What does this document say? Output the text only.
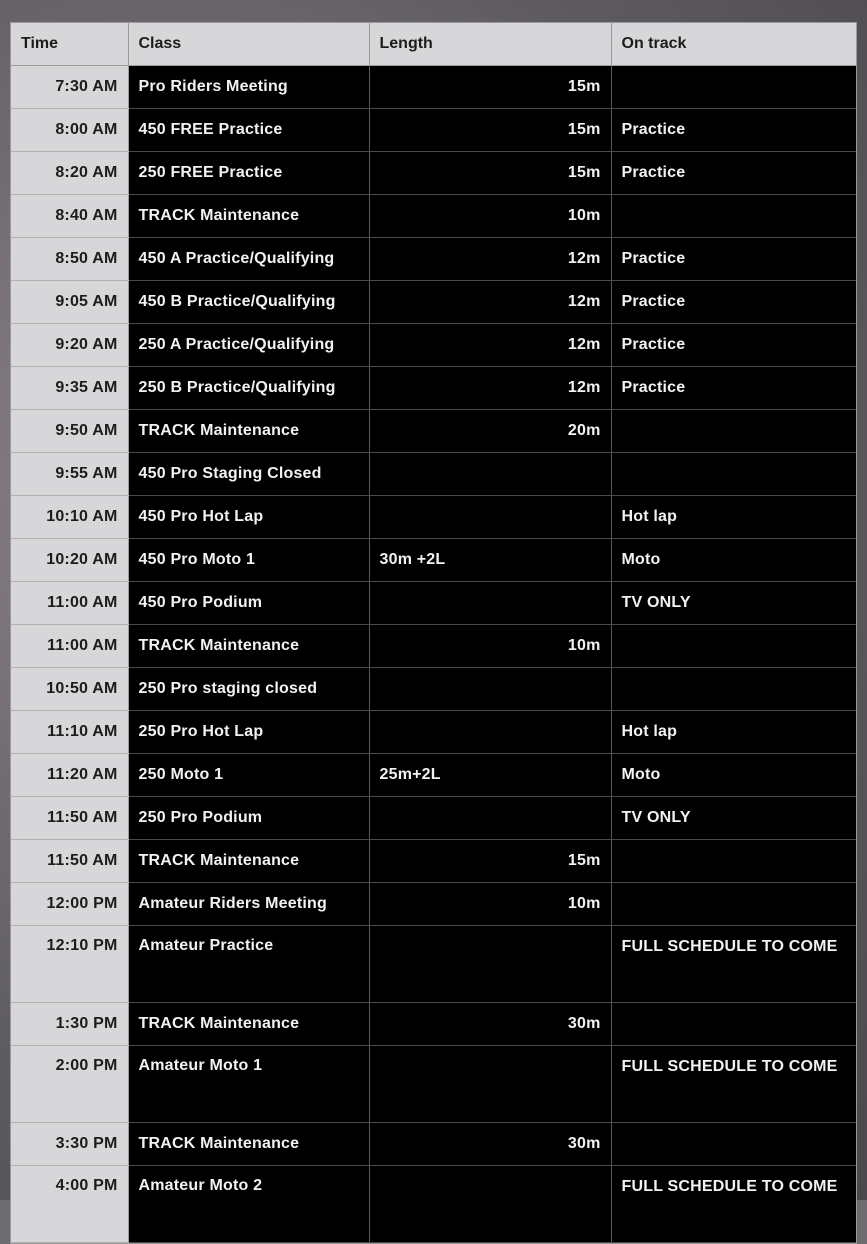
Time	Class	Length	On track
7:30 AM	Pro Riders Meeting	15m	
8:00 AM	450 FREE Practice	15m	Practice
8:20 AM	250 FREE Practice	15m	Practice
8:40 AM	TRACK Maintenance	10m	
8:50 AM	450 A Practice/Qualifying	12m	Practice
9:05 AM	450 B Practice/Qualifying	12m	Practice
9:20 AM	250 A Practice/Qualifying	12m	Practice
9:35 AM	250 B Practice/Qualifying	12m	Practice
9:50 AM	TRACK Maintenance	20m	
9:55 AM	450 Pro Staging Closed		
10:10 AM	450 Pro Hot Lap		Hot lap
10:20 AM	450 Pro Moto 1	30m +2L	Moto
11:00 AM	450 Pro Podium		TV ONLY
11:00 AM	TRACK Maintenance	10m	
10:50 AM	250 Pro staging closed		
11:10 AM	250 Pro Hot Lap		Hot lap
11:20 AM	250 Moto 1	25m+2L	Moto
11:50 AM	250 Pro Podium		TV ONLY
11:50 AM	TRACK Maintenance	15m	
12:00 PM	Amateur Riders Meeting	10m	
12:10 PM	Amateur Practice		FULL SCHEDULE TO COME
1:30 PM	TRACK Maintenance	30m	
2:00 PM	Amateur Moto 1		FULL SCHEDULE TO COME
3:30 PM	TRACK Maintenance	30m	
4:00 PM	Amateur Moto 2		FULL SCHEDULE TO COME
